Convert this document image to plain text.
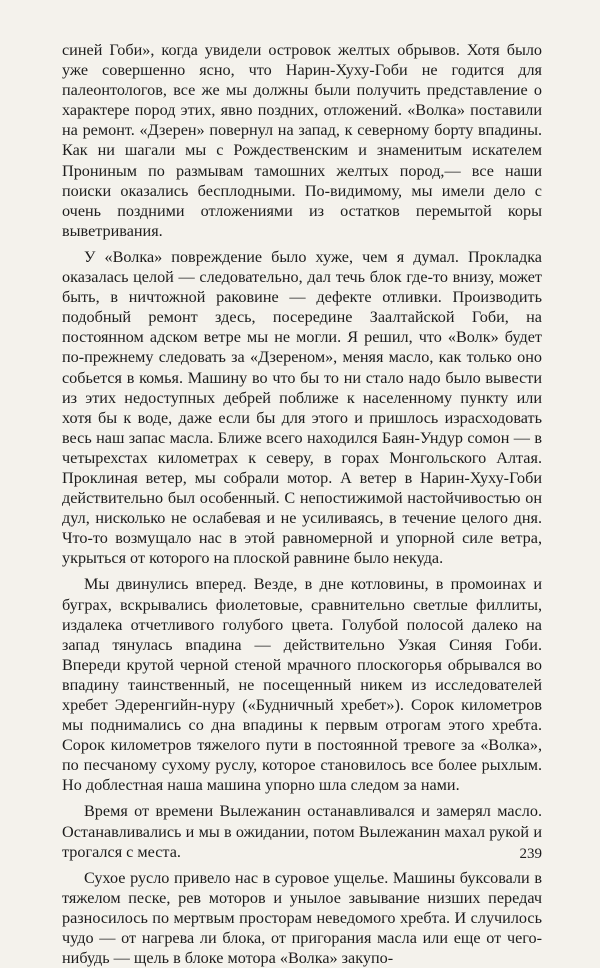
синей Гоби», когда увидели островок желтых обрывов. Хотя было уже совершенно ясно, что Нарин-Хуху-Гоби не годится для палеонтологов, все же мы должны были получить представление о характере пород этих, явно поздних, отложений. «Волка» поставили на ремонт. «Дзерен» повернул на запад, к северному борту впадины. Как ни шагали мы с Рождественским и знаменитым искателем Прониным по размывам тамошних желтых пород,— все наши поиски оказались бесплодными. По-видимому, мы имели дело с очень поздними отложениями из остатков перемытой коры выветривания.

У «Волка» повреждение было хуже, чем я думал. Прокладка оказалась целой — следовательно, дал течь блок где-то внизу, может быть, в ничтожной раковине — дефекте отливки. Производить подобный ремонт здесь, посередине Заалтайской Гоби, на постоянном адском ветре мы не могли. Я решил, что «Волк» будет по-прежнему следовать за «Дзереном», меняя масло, как только оно собьется в комья. Машину во что бы то ни стало надо было вывести из этих недоступных дебрей поближе к населенному пункту или хотя бы к воде, даже если бы для этого и пришлось израсходовать весь наш запас масла. Ближе всего находился Баян-Ундур сомон — в четырехстах километрах к северу, в горах Монгольского Алтая. Проклиная ветер, мы собрали мотор. А ветер в Нарин-Хуху-Гоби действительно был особенный. С непостижимой настойчивостью он дул, нисколько не ослабевая и не усиливаясь, в течение целого дня. Что-то возмущало нас в этой равномерной и упорной силе ветра, укрыться от которого на плоской равнине было некуда.

Мы двинулись вперед. Везде, в дне котловины, в промоинах и буграх, вскрывались фиолетовые, сравнительно светлые филлиты, издалека отчетливого голубого цвета. Голубой полосой далеко на запад тянулась впадина — действительно Узкая Синяя Гоби. Впереди крутой черной стеной мрачного плоскогорья обрывался во впадину таинственный, не посещенный никем из исследователей хребет Эдеренгийн-нуру («Будничный хребет»). Сорок километров мы поднимались со дна впадины к первым отрогам этого хребта. Сорок километров тяжелого пути в постоянной тревоге за «Волка», по песчаному сухому руслу, которое становилось все более рыхлым. Но доблестная наша машина упорно шла следом за нами.

Время от времени Вылежанин останавливался и замерял масло. Останавливались и мы в ожидании, потом Вылежанин махал рукой и трогался с места.

Сухое русло привело нас в суровое ущелье. Машины буксовали в тяжелом песке, рев моторов и унылое завывание низших передач разносилось по мертвым просторам неведомого хребта. И случилось чудо — от нагрева ли блока, от пригорания масла или еще от чего-нибудь — щель в блоке мотора «Волка» закупо-

239
